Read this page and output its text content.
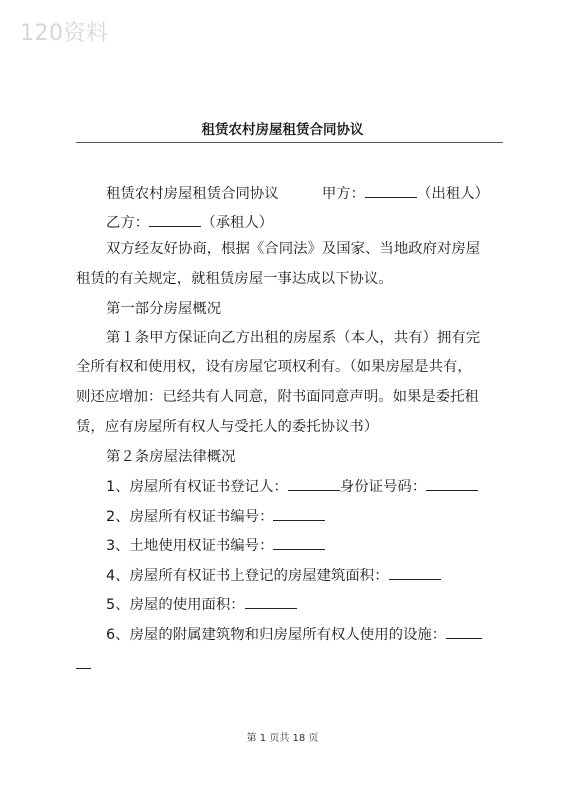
120资料
租赁农村房屋租赁合同协议
租赁农村房屋租赁合同协议　　　甲方：	（出租人）
乙方：	（承租人）
双方经友好协商，根据《合同法》及国家、当地政府对房屋
租赁的有关规定，就租赁房屋一事达成以下协议。
第一部分房屋概况
第１条甲方保证向乙方出租的房屋系（本人，共有）拥有完
全所有权和使用权，设有房屋它项权利有。（如果房屋是共有，
则还应增加：已经共有人同意，附书面同意声明。如果是委托租
赁，应有房屋所有权人与受托人的委托协议书）
第２条房屋法律概况
1、房屋所有权证书登记人：	身份证号码：
2、房屋所有权证书编号：
3、土地使用权证书编号：
4、房屋所有权证书上登记的房屋建筑面积：
5、房屋的使用面积：
6、房屋的附属建筑物和归房屋所有权人使用的设施：
第 1 页共 18 页
